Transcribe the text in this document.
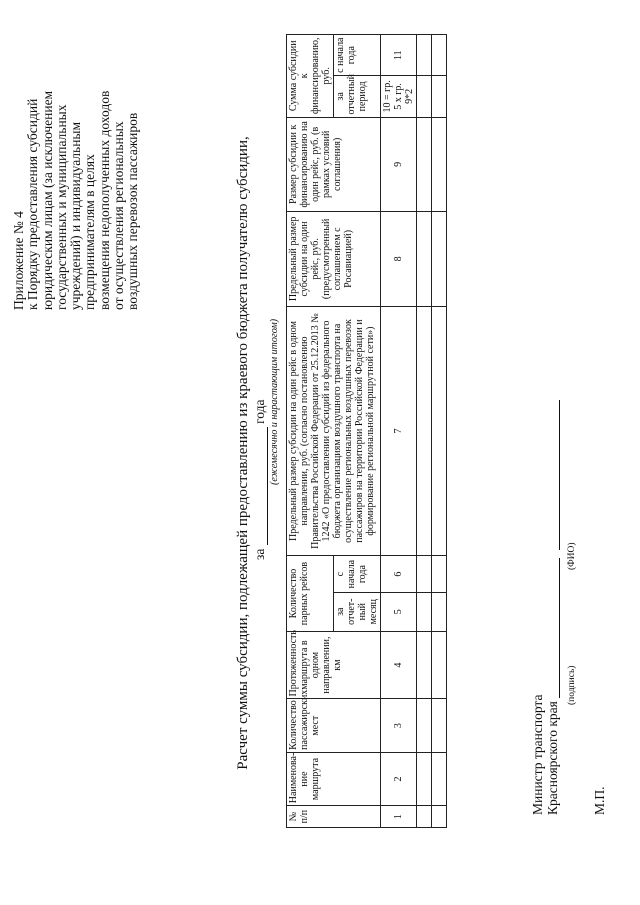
Приложение № 4 к Порядку предоставления субсидий юридическим лицам (за исключением государственных и муниципальных учреждений) и индивидуальным предпринимателям в целях возмещения недополученных доходов от осуществления региональных воздушных перевозок пассажиров	Расчет суммы субсидии, подлежащей предоставлению из краевого бюджета получателю субсидии, за  года (ежемесячно и нарастающим итогом)
№ п/п	Наименова-ние маршрута	Количество пассажирских мест	Протяженность маршрута в одном направлении, км	Количество парных рейсов		Предельный размер субсидии на один рейс в одном направлении, руб. (согласно постановлению Правительства Российской Федерации от 25.12.2013 № 1242 «О предоставлении субсидий из федерального бюджета организациям воздушного транспорта на осуществление региональных воздушных перевозок пассажиров на территории Российской Федерации и формирование региональной маршрутной сети»)	Предельный размер субсидии на один рейс, руб. (предусмотренный соглашением с Росавиацией)	Размер субсидии к финансированию на один рейс, руб. (в рамках условий соглашения)	Сумма субсидии к финансированию, руб.	
				за отчет-ный месяц	с начала года				за отчетный период	с начала года
1	2	3	4	5	6	7	8	9	10 = гр. 5 х гр. 9*2	11

Министр транспорта Красноярского края
(подпись)
(ФИО)
М.П.
